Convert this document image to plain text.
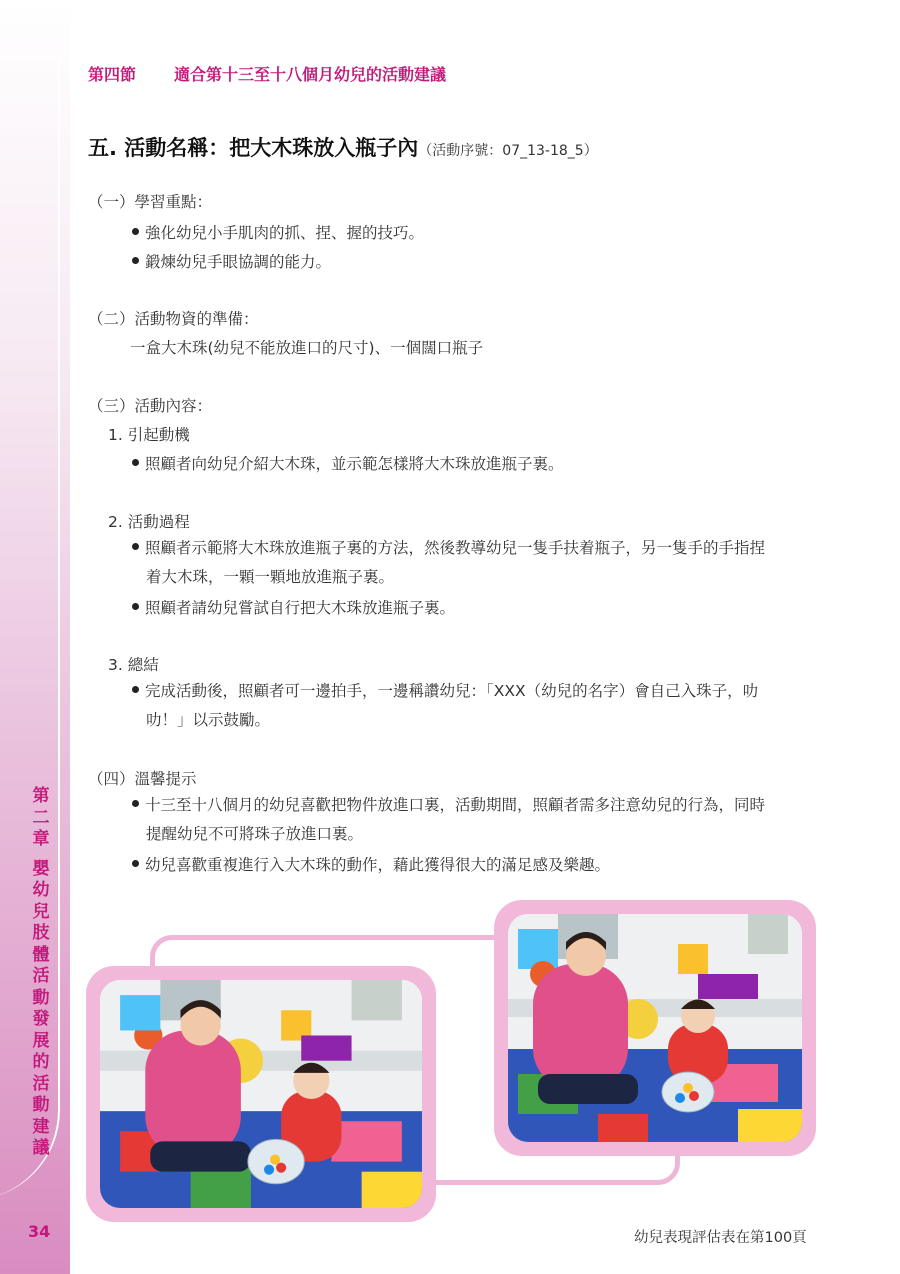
第
二
章
嬰
幼
兒
肢
體
活
動
發
展
的
活
動
建
議
34
第四節 適合第十三至十八個月幼兒的活動建議
五. 活動名稱：把大木珠放入瓶子內（活動序號：07_13-18_5）
（一）學習重點：
強化幼兒小手肌肉的抓、捏、握的技巧。
鍛煉幼兒手眼協調的能力。
（二）活動物資的準備：
一盒大木珠(幼兒不能放進口的尺寸)、一個闊口瓶子
（三）活動內容：
1. 引起動機
照顧者向幼兒介紹大木珠，並示範怎樣將大木珠放進瓶子裏。
2. 活動過程
照顧者示範將大木珠放進瓶子裏的方法，然後教導幼兒一隻手扶着瓶子，另一隻手的手指捏
着大木珠，一顆一顆地放進瓶子裏。
照顧者請幼兒嘗試自行把大木珠放進瓶子裏。
3. 總結
完成活動後，照顧者可一邊拍手，一邊稱讚幼兒：「XXX（幼兒的名字）會自己入珠子，叻
叻！」以示鼓勵。
（四）溫馨提示
十三至十八個月的幼兒喜歡把物件放進口裏，活動期間，照顧者需多注意幼兒的行為，同時
提醒幼兒不可將珠子放進口裏。
幼兒喜歡重複進行入大木珠的動作，藉此獲得很大的滿足感及樂趣。
幼兒表現評估表在第100頁
